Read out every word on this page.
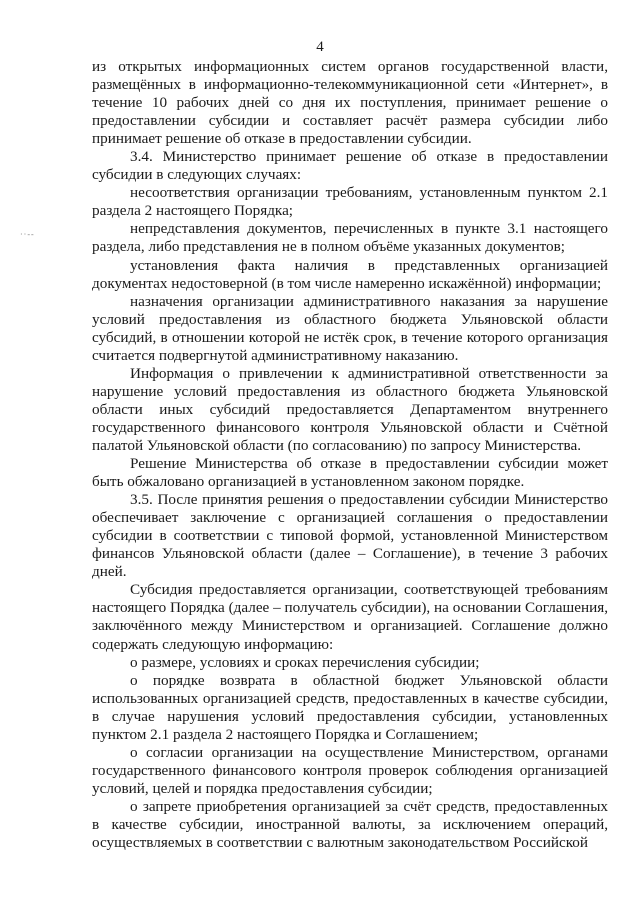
4
··--

из открытых информационных систем органов государственной власти, размещённых в информационно-телекоммуникационной сети «Интернет», в течение 10 рабочих дней со дня их поступления, принимает решение о предоставлении субсидии и составляет расчёт размера субсидии либо принимает решение об отказе в предоставлении субсидии.

3.4. Министерство принимает решение об отказе в предоставлении субсидии в следующих случаях:

несоответствия организации требованиям, установленным пунктом 2.1 раздела 2 настоящего Порядка;

непредставления документов, перечисленных в пункте 3.1 настоящего раздела, либо представления не в полном объёме указанных документов;

установления факта наличия в представленных организацией документах недостоверной (в том числе намеренно искажённой) информации;

назначения организации административного наказания за нарушение условий предоставления из областного бюджета Ульяновской области субсидий, в отношении которой не истёк срок, в течение которого организация считается подвергнутой административному наказанию.

Информация о привлечении к административной ответственности за нарушение условий предоставления из областного бюджета Ульяновской области иных субсидий предоставляется Департаментом внутреннего государственного финансового контроля Ульяновской области и Счётной палатой Ульяновской области (по согласованию) по запросу Министерства.

Решение Министерства об отказе в предоставлении субсидии может быть обжаловано организацией в установленном законом порядке.

3.5. После принятия решения о предоставлении субсидии Министерство обеспечивает заключение с организацией соглашения о предоставлении субсидии в соответствии с типовой формой, установленной Министерством финансов Ульяновской области (далее – Соглашение), в течение 3 рабочих дней.

Субсидия предоставляется организации, соответствующей требованиям настоящего Порядка (далее – получатель субсидии), на основании Соглашения, заключённого между Министерством и организацией. Соглашение должно содержать следующую информацию:

о размере, условиях и сроках перечисления субсидии;

о порядке возврата в областной бюджет Ульяновской области использованных организацией средств, предоставленных в качестве субсидии, в случае нарушения условий предоставления субсидии, установленных пунктом 2.1 раздела 2 настоящего Порядка и Соглашением;

о согласии организации на осуществление Министерством, органами государственного финансового контроля проверок соблюдения организацией условий, целей и порядка предоставления субсидии;

о запрете приобретения организацией за счёт средств, предоставленных в качестве субсидии, иностранной валюты, за исключением операций, осуществляемых в соответствии с валютным законодательством Российской
